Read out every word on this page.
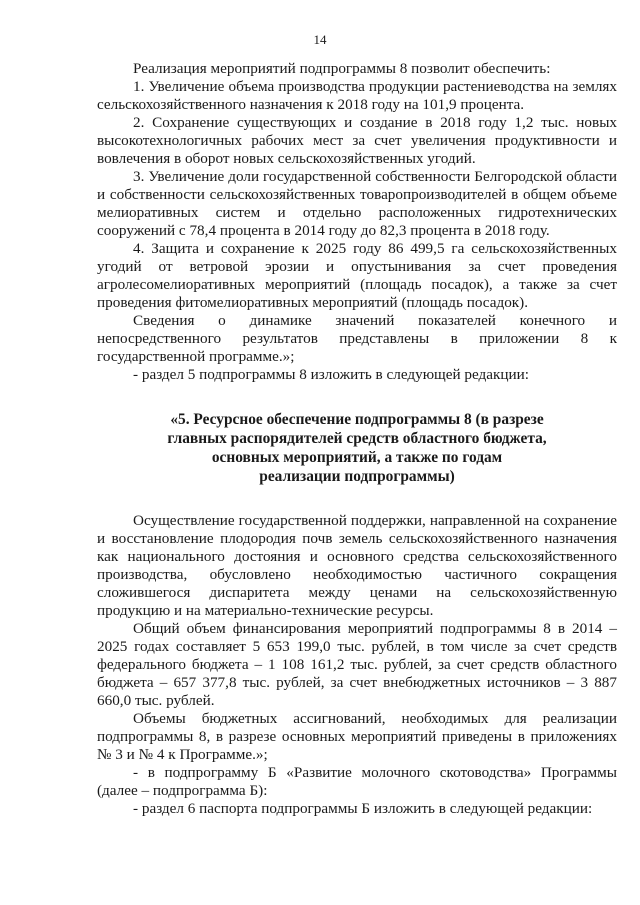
14

Реализация мероприятий подпрограммы 8 позволит обеспечить:

1. Увеличение объема производства продукции растениеводства на землях сельскохозяйственного назначения к 2018 году на 101,9 процента.

2. Сохранение существующих и создание в 2018 году 1,2 тыс. новых высокотехнологичных рабочих мест за счет увеличения продуктивности и вовлечения в оборот новых сельскохозяйственных угодий.

3. Увеличение доли государственной собственности Белгородской области и собственности сельскохозяйственных товаропроизводителей в общем объеме мелиоративных систем и отдельно расположенных гидротехнических сооружений с 78,4 процента в 2014 году до 82,3 процента в 2018 году.

4. Защита и сохранение к 2025 году 86 499,5 га сельскохозяйственных угодий от ветровой эрозии и опустынивания за счет проведения агролесомелиоративных мероприятий (площадь посадок), а также за счет проведения фитомелиоративных мероприятий (площадь посадок).

Сведения о динамике значений показателей конечного и непосредственного результатов представлены в приложении 8 к государственной программе.»;

- раздел 5 подпрограммы 8 изложить в следующей редакции:

«5. Ресурсное обеспечение подпрограммы 8 (в разрезе
главных распорядителей средств областного бюджета,
основных мероприятий, а также по годам
реализации подпрограммы)

Осуществление государственной поддержки, направленной на сохранение и восстановление плодородия почв земель сельскохозяйственного назначения как национального достояния и основного средства сельскохозяйственного производства, обусловлено необходимостью частичного сокращения сложившегося диспаритета между ценами на сельскохозяйственную продукцию и на материально-технические ресурсы.

Общий объем финансирования мероприятий подпрограммы 8 в 2014 – 2025 годах составляет 5 653 199,0 тыс. рублей, в том числе за счет средств федерального бюджета – 1 108 161,2 тыс. рублей, за счет средств областного бюджета – 657 377,8 тыс. рублей, за счет внебюджетных источников – 3 887 660,0 тыс. рублей.

Объемы бюджетных ассигнований, необходимых для реализации подпрограммы 8, в разрезе основных мероприятий приведены в приложениях № 3 и № 4 к Программе.»;

- в подпрограмму Б «Развитие молочного скотоводства» Программы (далее – подпрограмма Б):

- раздел 6 паспорта подпрограммы Б изложить в следующей редакции:
